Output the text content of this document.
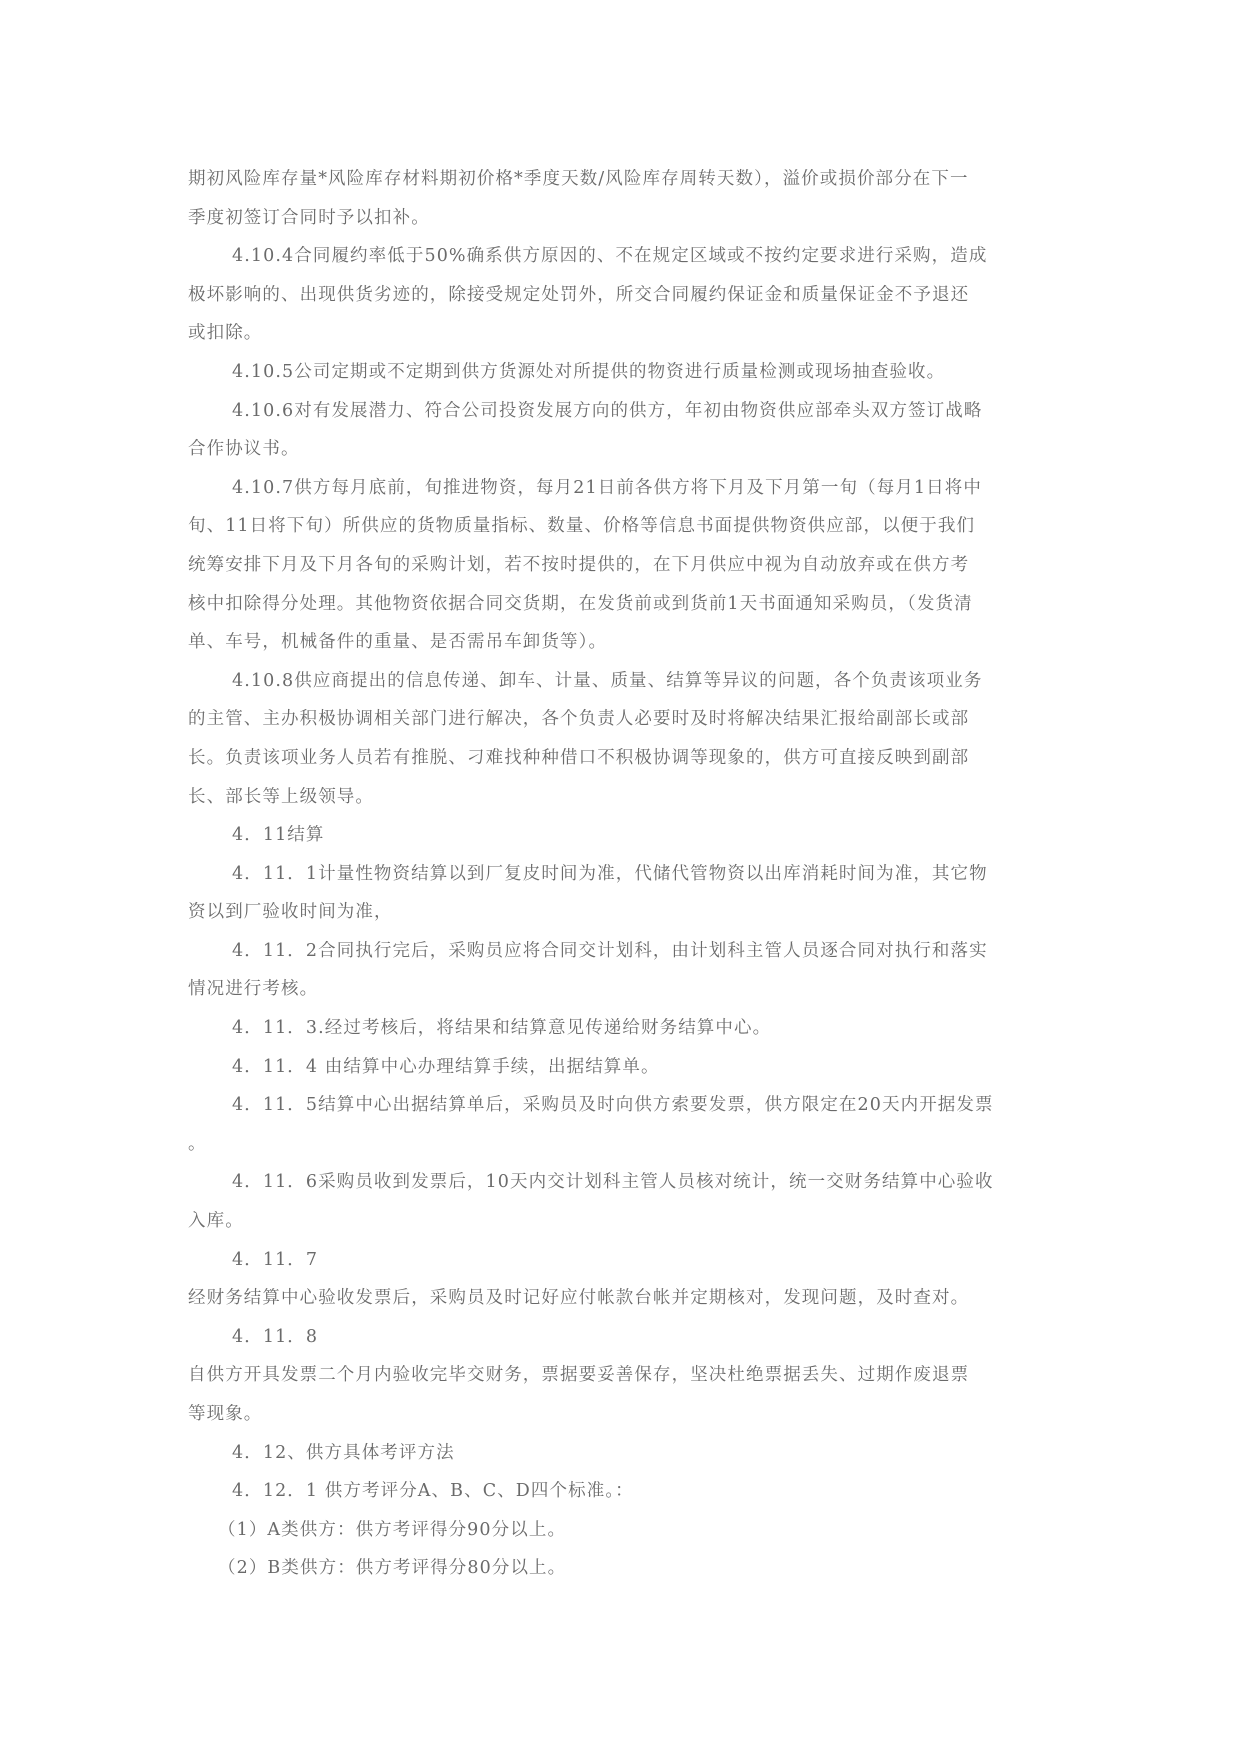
期初风险库存量*风险库存材料期初价格*季度天数/风险库存周转天数），溢价或损价部分在下一
季度初签订合同时予以扣补。
4.10.4合同履约率低于50%确系供方原因的、不在规定区域或不按约定要求进行采购，造成
极坏影响的、出现供货劣迹的，除接受规定处罚外，所交合同履约保证金和质量保证金不予退还
或扣除。
4.10.5公司定期或不定期到供方货源处对所提供的物资进行质量检测或现场抽查验收。
4.10.6对有发展潜力、符合公司投资发展方向的供方，年初由物资供应部牵头双方签订战略
合作协议书。
4.10.7供方每月底前，旬推进物资，每月21日前各供方将下月及下月第一旬（每月1日将中
旬、11日将下旬）所供应的货物质量指标、数量、价格等信息书面提供物资供应部，以便于我们
统筹安排下月及下月各旬的采购计划，若不按时提供的，在下月供应中视为自动放弃或在供方考
核中扣除得分处理。其他物资依据合同交货期，在发货前或到货前1天书面通知采购员，（发货清
单、车号，机械备件的重量、是否需吊车卸货等）。
4.10.8供应商提出的信息传递、卸车、计量、质量、结算等异议的问题，各个负责该项业务
的主管、主办积极协调相关部门进行解决，各个负责人必要时及时将解决结果汇报给副部长或部
长。负责该项业务人员若有推脱、刁难找种种借口不积极协调等现象的，供方可直接反映到副部
长、部长等上级领导。
4．11结算
4．11．1计量性物资结算以到厂复皮时间为准，代储代管物资以出库消耗时间为准，其它物
资以到厂验收时间为准，
4．11．2合同执行完后，采购员应将合同交计划科，由计划科主管人员逐合同对执行和落实
情况进行考核。
4．11．3.经过考核后，将结果和结算意见传递给财务结算中心。
4．11．4 由结算中心办理结算手续，出据结算单。
4．11．5结算中心出据结算单后，采购员及时向供方索要发票，供方限定在20天内开据发票
。
4．11．6采购员收到发票后，10天内交计划科主管人员核对统计，统一交财务结算中心验收
入库。
4．11．7
经财务结算中心验收发票后，采购员及时记好应付帐款台帐并定期核对，发现问题，及时查对。
4．11．8
自供方开具发票二个月内验收完毕交财务，票据要妥善保存，坚决杜绝票据丢失、过期作废退票
等现象。
4．12、供方具体考评方法
4．12．1 供方考评分A、B、C、D四个标准。：
（1）A类供方：供方考评得分90分以上。
（2）B类供方：供方考评得分80分以上。
